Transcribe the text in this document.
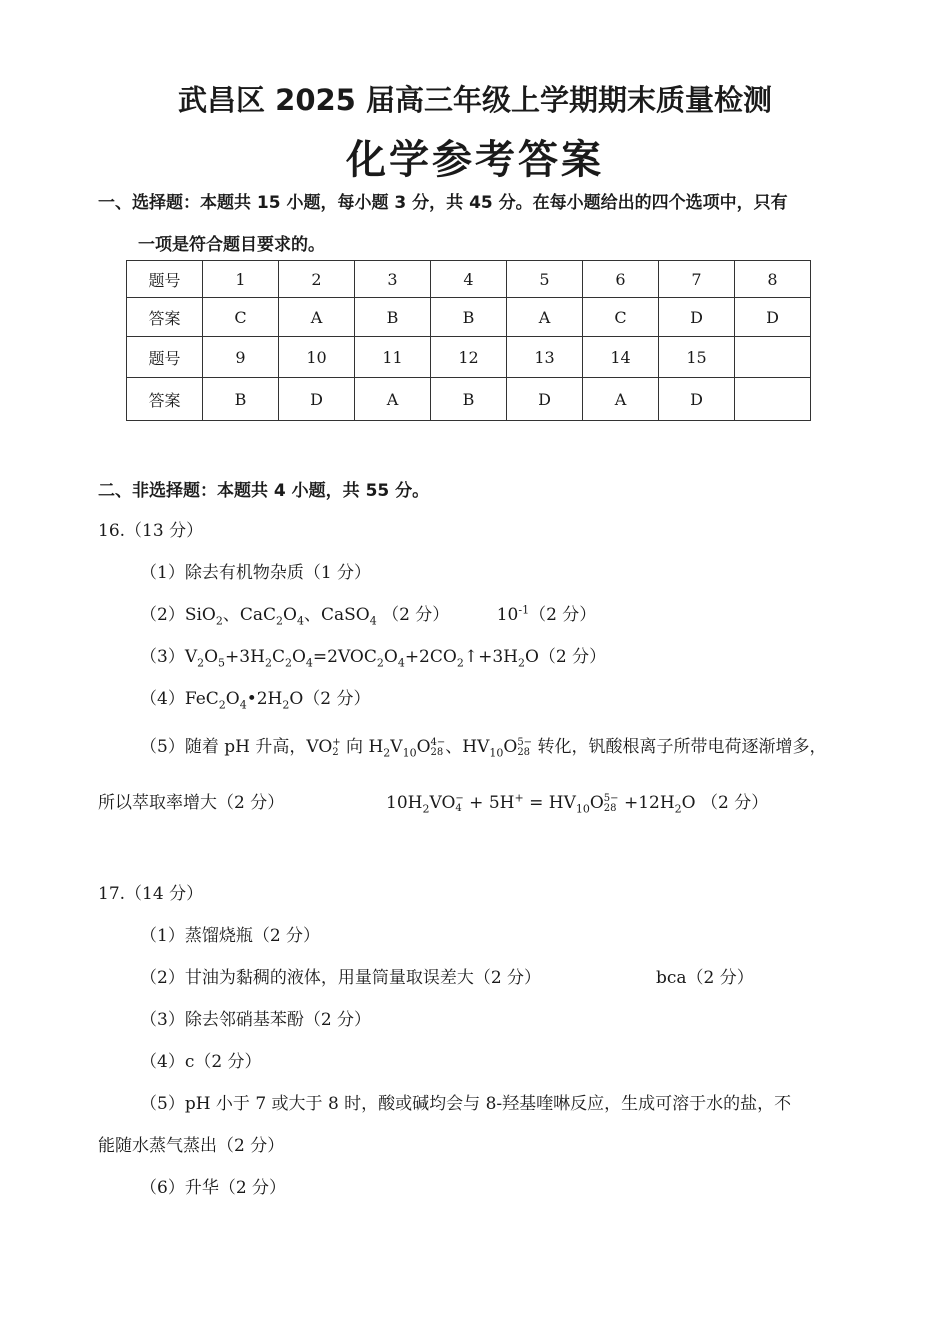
武昌区 2025 届高三年级上学期期末质量检测
化学参考答案
一、选择题：本题共 15 小题，每小题 3 分，共 45 分。在每小题给出的四个选项中，只有
一项是符合题目要求的。
题号	1	2	3	4	5	6	7	8
答案	C	A	B	B	A	C	D	D
题号	9	10	11	12	13	14	15	
答案	B	D	A	B	D	A	D	
二、非选择题：本题共 4 小题，共 55 分。
16.（13 分）
（1）除去有机物杂质（1 分）
（2）SiO$_2$、$CaC_2O_4$、CaSO$_4$ （2 分）	$10^{-1}(2$ 分）
$(3)V_2O_5+3H_2C_2O_4=2VOC_2O_4+2CO_2↑+3H_2O(2$ 分）
$(4)FeC_2O_4•2H_2O(2$ 分）
（5）随着 pH 升高，VO +
2 向 $H_2V_{10}O$ 4−
28 、$HV_{10}O$ 5−
28 转化，钒酸根离子所带电荷逐渐增多，
所以萃取率增大（2 分）	$10H_2VO$ −
$4 + 5H^+ = HV_{10}O$ 5−
$28 +12H_2O$ （2 分）
17.（14 分）
（1）蒸馏烧瓶（2 分）
（2）甘油为黏稠的液体，用量筒量取误差大（2 分）	bca（2 分）
（3）除去邻硝基苯酚（2 分）
（4）c（2 分）
（5）pH 小于 7 或大于 8 时，酸或碱均会与 8-羟基喹啉反应，生成可溶于水的盐，不
能随水蒸气蒸出（2 分）
（6）升华（2 分）
